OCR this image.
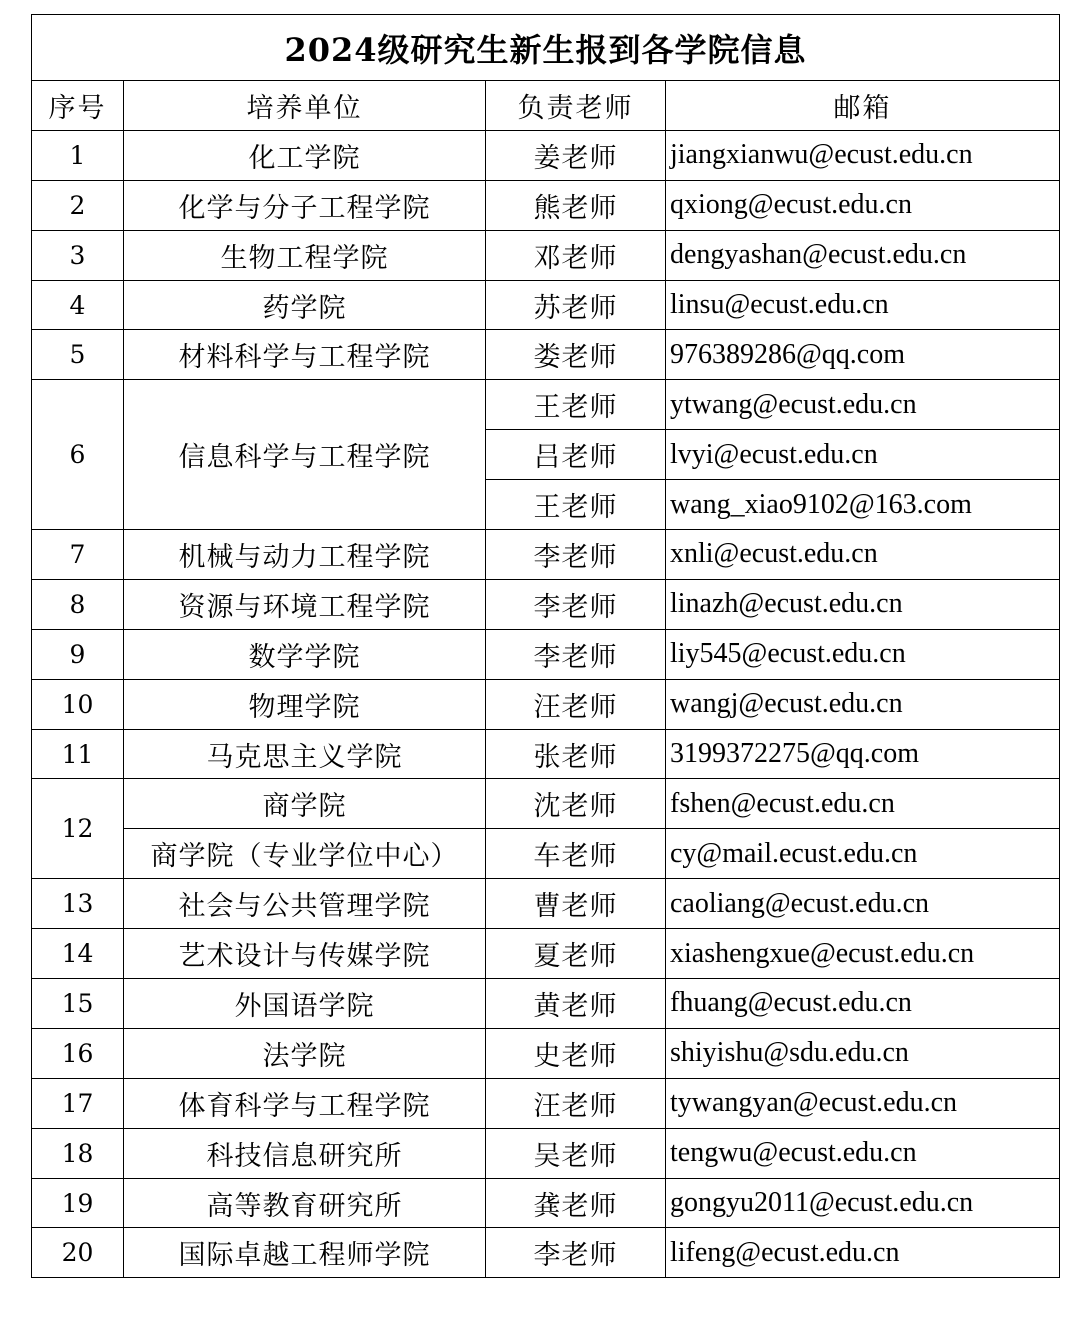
2024级研究生新生报到各学院信息			
序号	培养单位	负责老师	邮箱
1	化工学院	姜老师	jiangxianwu@ecust.edu.cn
2	化学与分子工程学院	熊老师	qxiong@ecust.edu.cn
3	生物工程学院	邓老师	dengyashan@ecust.edu.cn
4	药学院	苏老师	linsu@ecust.edu.cn
5	材料科学与工程学院	娄老师	976389286@qq.com
6	信息科学与工程学院	王老师	ytwang@ecust.edu.cn
		吕老师	lvyi@ecust.edu.cn
		王老师	wang_xiao9102@163.com
7	机械与动力工程学院	李老师	xnli@ecust.edu.cn
8	资源与环境工程学院	李老师	linazh@ecust.edu.cn
9	数学学院	李老师	liy545@ecust.edu.cn
10	物理学院	汪老师	wangj@ecust.edu.cn
11	马克思主义学院	张老师	3199372275@qq.com
12	商学院	沈老师	fshen@ecust.edu.cn
	商学院（专业学位中心）	车老师	cy@mail.ecust.edu.cn
13	社会与公共管理学院	曹老师	caoliang@ecust.edu.cn
14	艺术设计与传媒学院	夏老师	xiashengxue@ecust.edu.cn
15	外国语学院	黄老师	fhuang@ecust.edu.cn
16	法学院	史老师	shiyishu@sdu.edu.cn
17	体育科学与工程学院	汪老师	tywangyan@ecust.edu.cn
18	科技信息研究所	吴老师	tengwu@ecust.edu.cn
19	高等教育研究所	龚老师	gongyu2011@ecust.edu.cn
20	国际卓越工程师学院	李老师	lifeng@ecust.edu.cn
